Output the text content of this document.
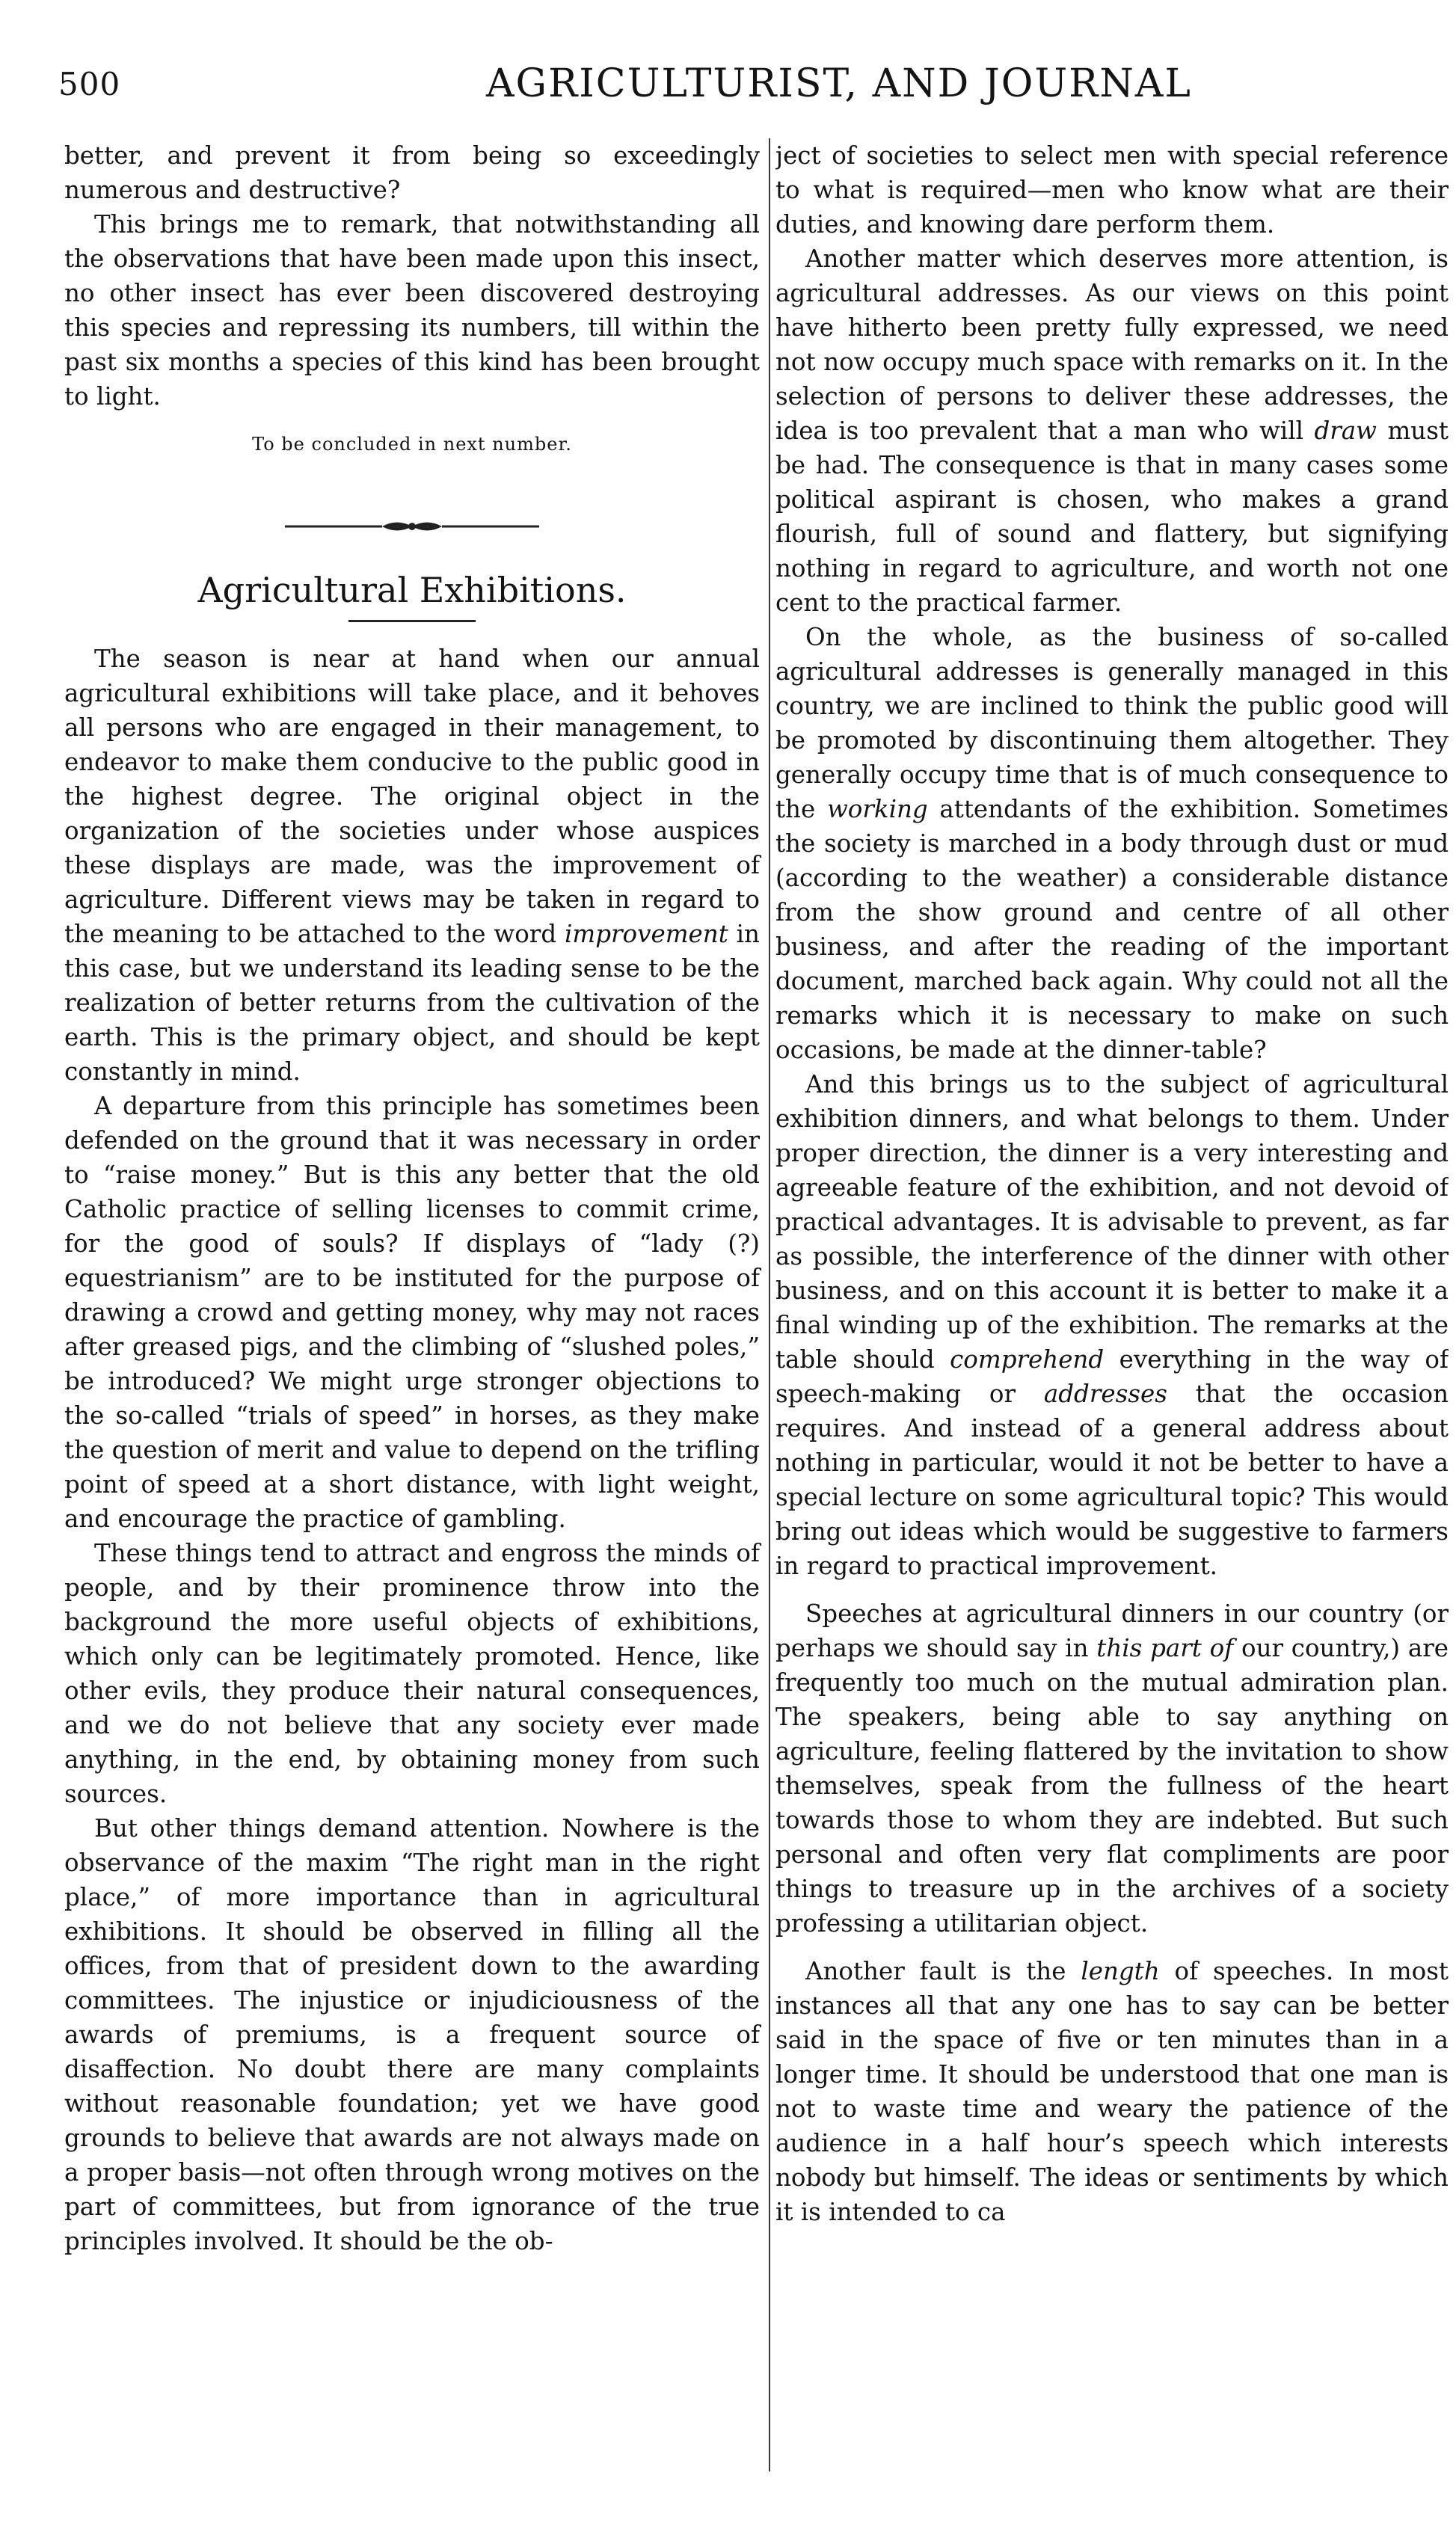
500	AGRICULTURIST, AND JOURNAL

better, and prevent it from being so exceedingly numerous and destructive?

This brings me to remark, that notwithstanding all the observations that have been made upon this insect, no other insect has ever been discovered destroying this species and repressing its numbers, till within the past six months a species of this kind has been brought to light.

To be concluded in next number.

Agricultural Exhibitions.

The season is near at hand when our annual agricultural exhibitions will take place, and it behoves all persons who are engaged in their management, to endeavor to make them conducive to the public good in the highest degree. The original object in the organization of the societies under whose auspices these displays are made, was the improvement of agriculture. Different views may be taken in regard to the meaning to be attached to the word improvement in this case, but we understand its leading sense to be the realization of better returns from the cultivation of the earth. This is the primary object, and should be kept constantly in mind.

A departure from this principle has sometimes been defended on the ground that it was necessary in order to “raise money.” But is this any better that the old Catholic practice of selling licenses to commit crime, for the good of souls? If displays of “lady (?) equestrianism” are to be instituted for the purpose of drawing a crowd and getting money, why may not races after greased pigs, and the climbing of “slushed poles,” be introduced? We might urge stronger objections to the so-called “trials of speed” in horses, as they make the question of merit and value to depend on the trifling point of speed at a short distance, with light weight, and encourage the practice of gambling.

These things tend to attract and engross the minds of people, and by their prominence throw into the background the more useful objects of exhibitions, which only can be legitimately promoted. Hence, like other evils, they produce their natural consequences, and we do not believe that any society ever made anything, in the end, by obtaining money from such sources.

But other things demand attention. Nowhere is the observance of the maxim “The right man in the right place,” of more importance than in agricultural exhibitions. It should be observed in filling all the offices, from that of president down to the awarding committees. The injustice or injudiciousness of the awards of premiums, is a frequent source of disaffection. No doubt there are many complaints without reasonable foundation; yet we have good grounds to believe that awards are not always made on a proper basis—not often through wrong motives on the part of committees, but from ignorance of the true principles involved. It should be the ob-

ject of societies to select men with special reference to what is required—men who know what are their duties, and knowing dare perform them.

Another matter which deserves more attention, is agricultural addresses. As our views on this point have hitherto been pretty fully expressed, we need not now occupy much space with remarks on it. In the selection of persons to deliver these addresses, the idea is too prevalent that a man who will draw must be had. The consequence is that in many cases some political aspirant is chosen, who makes a grand flourish, full of sound and flattery, but signifying nothing in regard to agriculture, and worth not one cent to the practical farmer.

On the whole, as the business of so-called agricultural addresses is generally managed in this country, we are inclined to think the public good will be promoted by discontinuing them altogether. They generally occupy time that is of much consequence to the working attendants of the exhibition. Sometimes the society is marched in a body through dust or mud (according to the weather) a considerable distance from the show ground and centre of all other business, and after the reading of the important document, marched back again. Why could not all the remarks which it is necessary to make on such occasions, be made at the dinner-table?

And this brings us to the subject of agricultural exhibition dinners, and what belongs to them. Under proper direction, the dinner is a very interesting and agreeable feature of the exhibition, and not devoid of practical advantages. It is advisable to prevent, as far as possible, the interference of the dinner with other business, and on this account it is better to make it a final winding up of the exhibition. The remarks at the table should comprehend everything in the way of speech-making or addresses that the occasion requires. And instead of a general address about nothing in particular, would it not be better to have a special lecture on some agricultural topic? This would bring out ideas which would be suggestive to farmers in regard to practical improvement.

Speeches at agricultural dinners in our country (or perhaps we should say in this part of our country,) are frequently too much on the mutual admiration plan. The speakers, being able to say anything on agriculture, feeling flattered by the invitation to show themselves, speak from the fullness of the heart towards those to whom they are indebted. But such personal and often very flat compliments are poor things to treasure up in the archives of a society professing a utilitarian object.

Another fault is the length of speeches. In most instances all that any one has to say can be better said in the space of five or ten minutes than in a longer time. It should be understood that one man is not to waste time and weary the patience of the audience in a half hour’s speech which interests nobody but himself. The ideas or sentiments by which it is intended to ca
